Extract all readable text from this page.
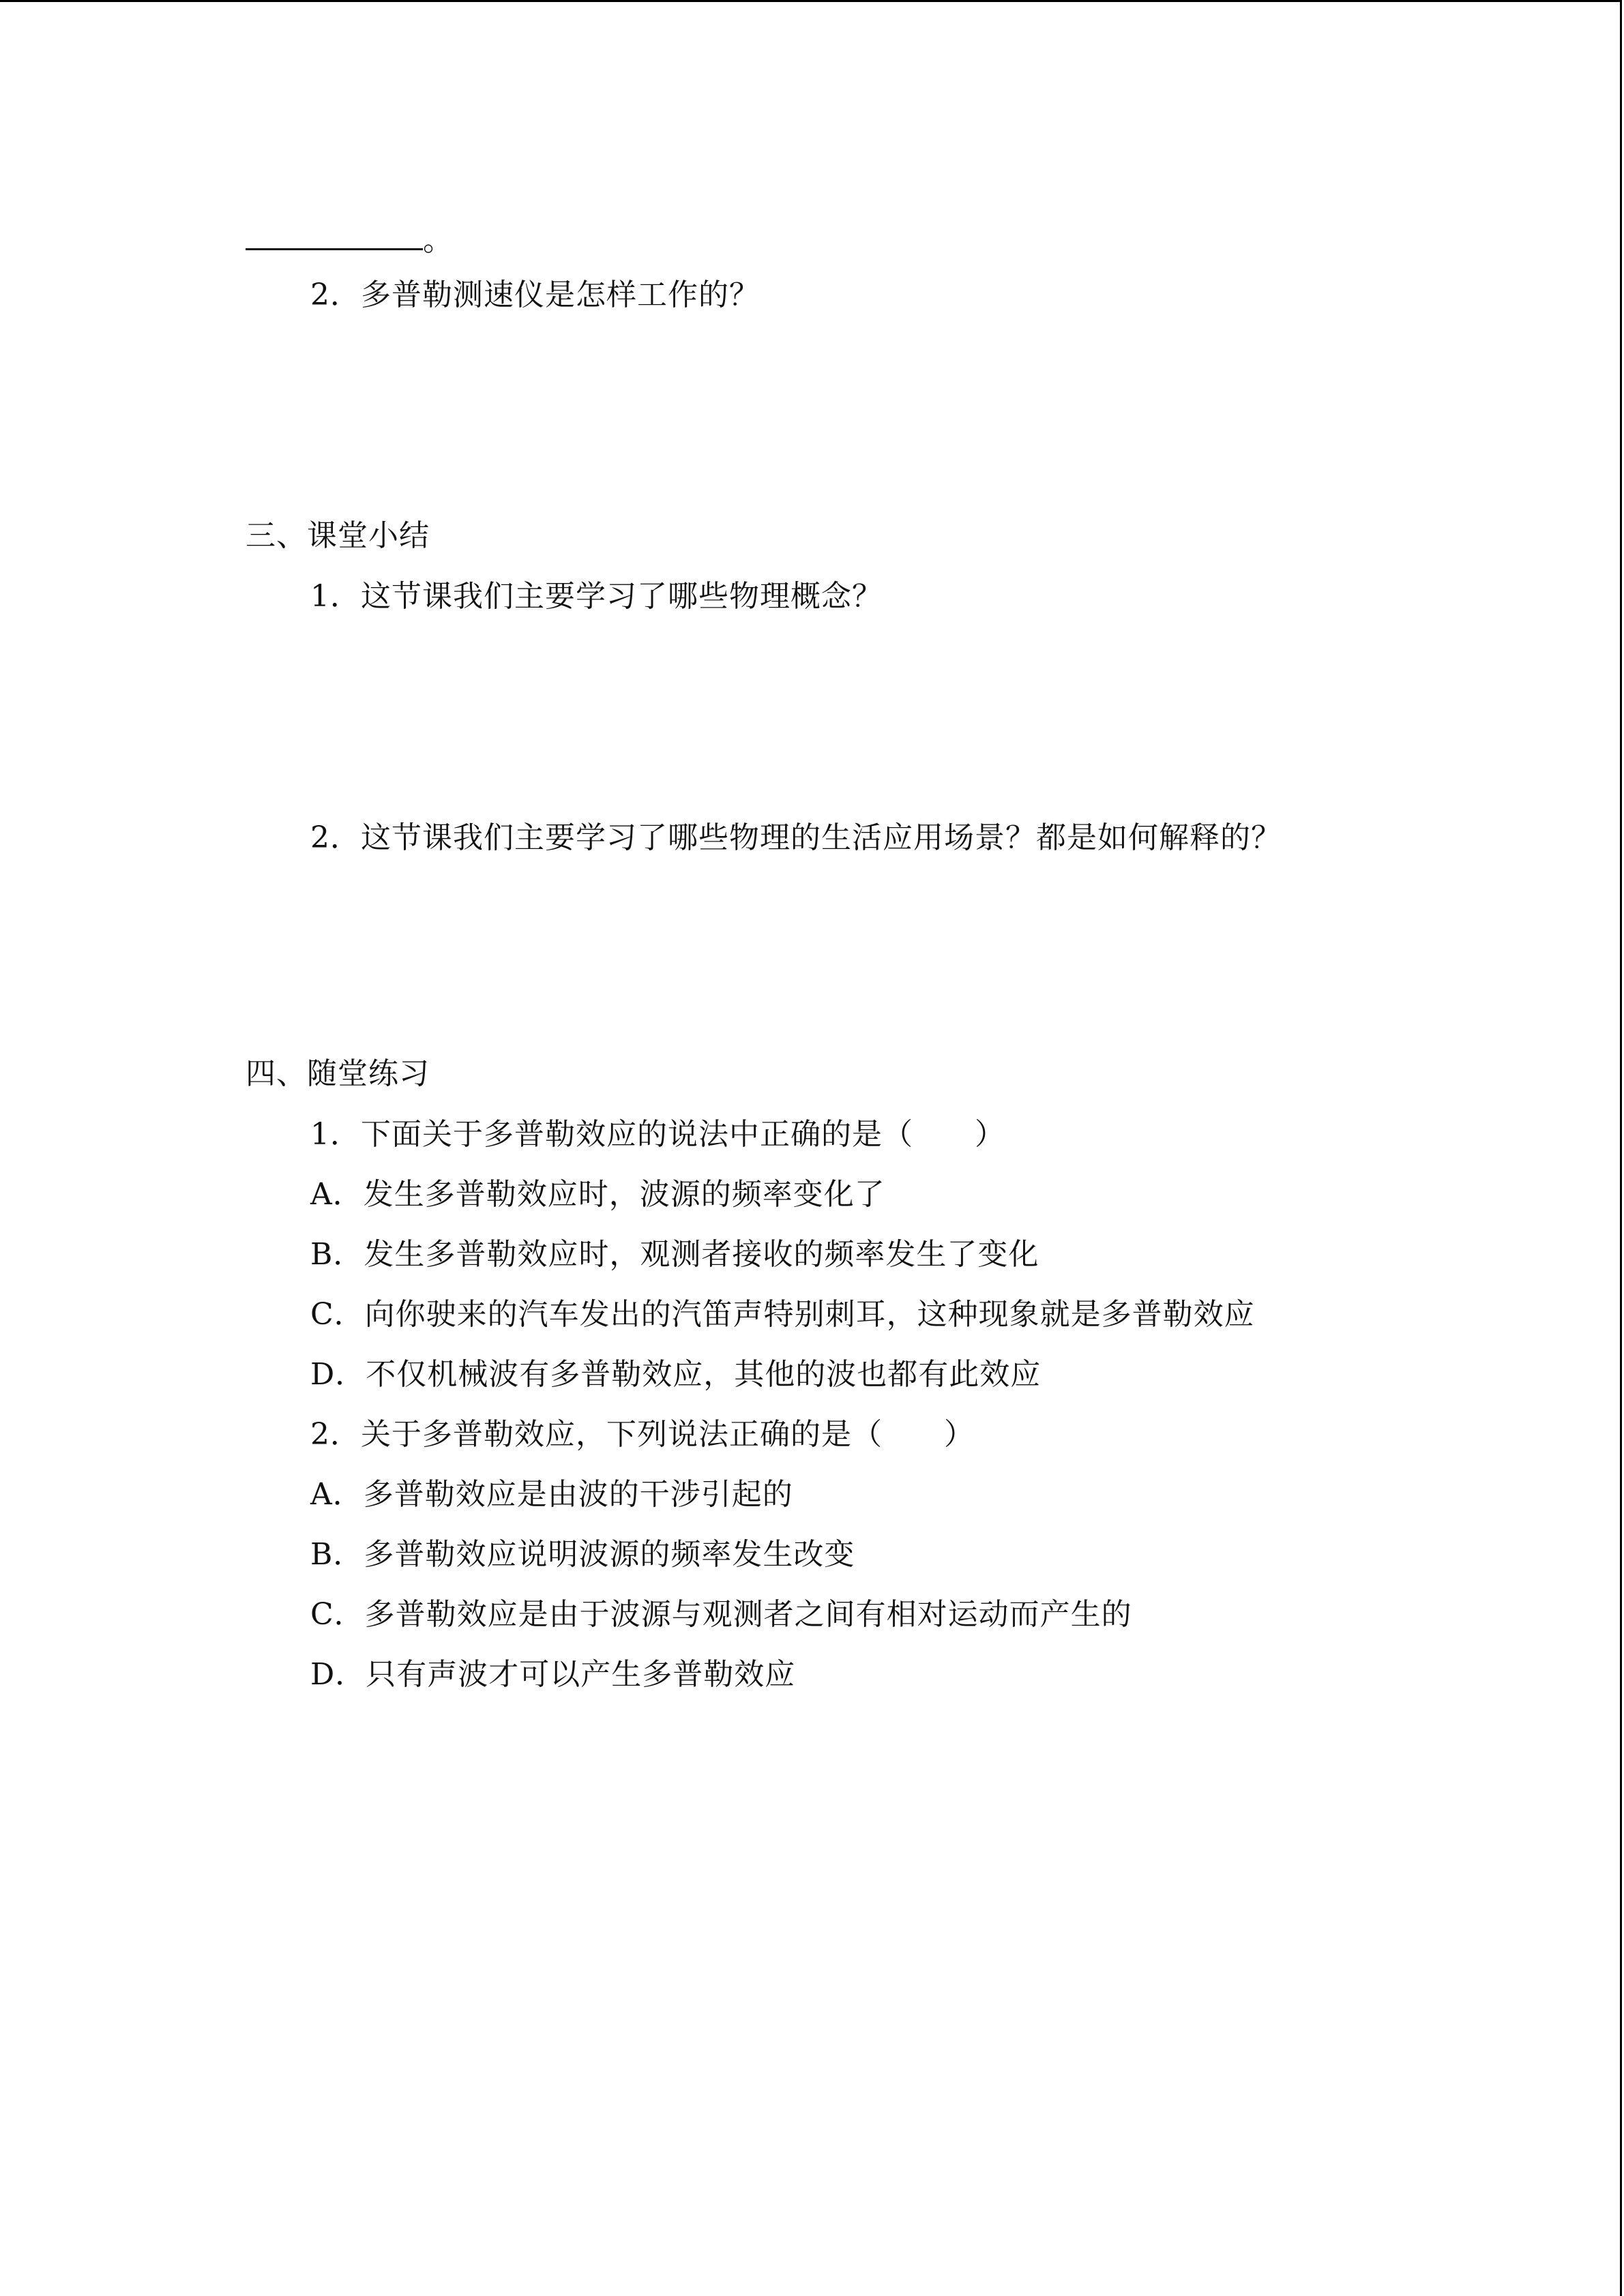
。
2．多普勒测速仪是怎样工作的？
三、课堂小结
1．这节课我们主要学习了哪些物理概念？
2．这节课我们主要学习了哪些物理的生活应用场景？都是如何解释的？
四、随堂练习
1．下面关于多普勒效应的说法中正确的是（　　）
A．发生多普勒效应时，波源的频率变化了
B．发生多普勒效应时，观测者接收的频率发生了变化
C．向你驶来的汽车发出的汽笛声特别刺耳，这种现象就是多普勒效应
D．不仅机械波有多普勒效应，其他的波也都有此效应
2．关于多普勒效应，下列说法正确的是（　　）
A．多普勒效应是由波的干涉引起的
B．多普勒效应说明波源的频率发生改变
C．多普勒效应是由于波源与观测者之间有相对运动而产生的
D．只有声波才可以产生多普勒效应
